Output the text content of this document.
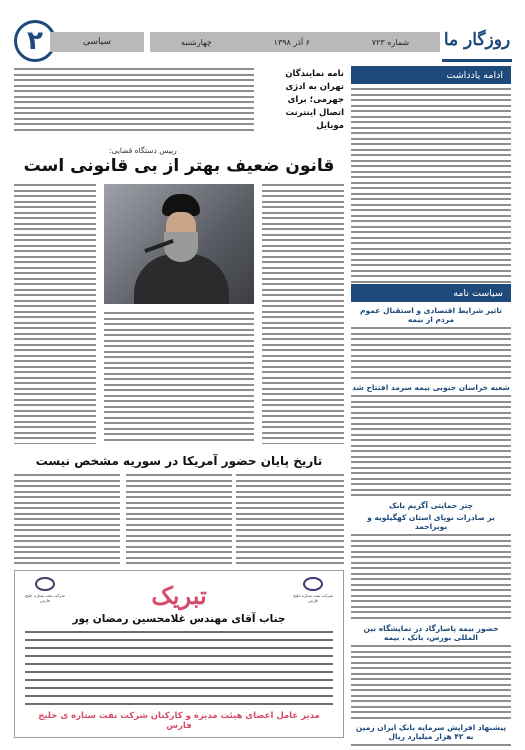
۲	سیاسی	شماره ۷۲۳
۶ آذر ۱۳۹۸
چهارشنبه	روزگار ما
ادامه یادداشت
سیاست نامه
تاثیر شرایط اقتصادی و استقبال عموم مردم از بیمه
شعبه خراسان جنوبی بیمه سرمد افتتاح شد
چتر حمایتی آگزیم بانک
بر صادرات نوپای استان کهگیلویه و بویراحمد
حضور بیمه پاسارگاد در نمایشگاه بین المللی بورس، بانک ، بیمه
پیشنهاد افزایش سرمایه بانک ایران زمین به ۴۲ هزار میلیارد ریال
نامه نمایندگان تهران به ادژی جهرمی؛ برای اتصال اینترنت موبایل
رییس دستگاه قضایی:
قانون ضعیف بهتر از بی قانونی است
تاریخ پایان حضور آمریکا در سوریه مشخص نیست
شرکت نفت ستاره خلیج فارس	تبریک	شرکت نفت ستاره خلیج فارس
جناب آقای مهندس غلامحسین رمضان پور
مدیر عامل اعضای هیئت مدیره و کارکنان شرکت نفت ستاره ی خلیج فارس
